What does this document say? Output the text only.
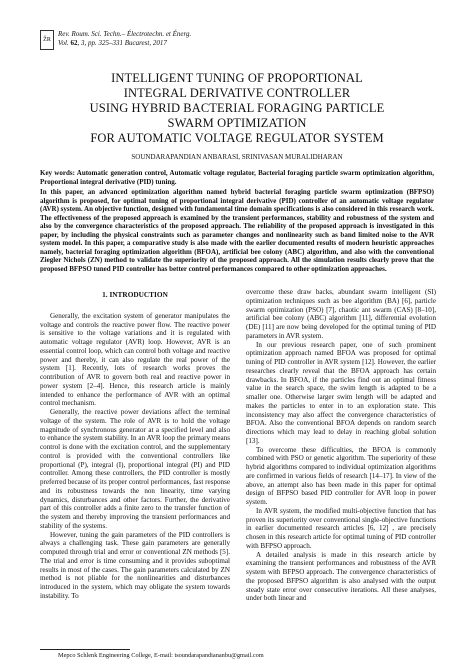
ŽR
Rev. Roum. Sci. Techn.– Électrotechn. et Énerg.
Vol. 62, 3, pp. 325–331 Bucarest, 2017
INTELLIGENT TUNING OF PROPORTIONAL
INTEGRAL DERIVATIVE CONTROLLER
USING HYBRID BACTERIAL FORAGING PARTICLE
SWARM OPTIMIZATION
FOR AUTOMATIC VOLTAGE REGULATOR SYSTEM
SOUNDARAPANDIAN ANBARASI, SRINIVASAN MURALIDHARAN
Key words: Automatic generation control, Automatic voltage regulator, Bacterial foraging particle swarm optimization algorithm, Proportional integral derivative (PID) tuning.
In this paper, an advanced optimization algorithm named hybrid bacterial foraging particle swarm optimization (BFPSO) algorithm is proposed, for optimal tuning of proportional integral derivative (PID) controller of an automatic voltage regulator (AVR) system. An objective function, designed with fundamental time domain specifications is also considered in this research work. The effectiveness of the proposed approach is examined by the transient performances, stability and robustness of the system and also by the convergence characteristics of the proposed approach. The reliability of the proposed approach is investigated in this paper, by including the physical constraints such as parameter changes and nonlinearity such as band limited noise to the AVR system model. In this paper, a comparative study is also made with the earlier documented results of modern heuristic approaches namely, bacterial foraging optimization algorithm (BFOA), artificial bee colony (ABC) algorithm, and also with the conventional Ziegler Nichols (ZN) method to validate the superiority of the proposed approach. All the simulation results clearly prove that the proposed BFPSO tuned PID controller has better control performances compared to other optimization approaches.
1. INTRODUCTION

Generally, the excitation system of generator manipulates the voltage and controls the reactive power flow. The reactive power is sensitive to the voltage variations and it is regulated with automatic voltage regulator (AVR) loop. However, AVR is an essential control loop, which can control both voltage and reactive power and thereby, it can also regulate the real power of the system [1]. Recently, lots of research works proves the contribution of AVR to govern both real and reactive power in power system [2–4]. Hence, this research article is mainly intended to enhance the performance of AVR with an optimal control mechanism.

Generally, the reactive power deviations affect the terminal voltage of the system. The role of AVR is to hold the voltage magnitude of synchronous generator at a specified level and also to enhance the system stability. In an AVR loop the primary means control is done with the excitation control, and the supplementary control is provided with the conventional controllers like proportional (P), integral (I), proportional integral (PI) and PID controller. Among these controllers, the PID controller is mostly preferred because of its proper control performances, fast response and its robustness towards the non linearity, time varying dynamics, disturbances and other factors. Further, the derivative part of this controller adds a finite zero to the transfer function of the system and thereby improving the transient performances and stability of the systems.

However, tuning the gain parameters of the PID controllers is always a challenging task. These gain parameters are generally computed through trial and error or conventional ZN methods [5]. The trial and error is time consuming and it provides suboptimal results in most of the cases. The gain parameters calculated by ZN method is not pliable for the nonlinearities and disturbances introduced in the system, which may obligate the system towards instability. To

overcome these draw backs, abundant swarm intelligent (SI) optimization techniques such as bee algorithm (BA) [6], particle swarm optimization (PSO) [7], chaotic ant swarm (CAS) [8–10], artificial bee colony (ABC) algorithm [11], differential evolution (DE) [11] are now being developed for the optimal tuning of PID parameters in AVR system.

In our previous research paper, one of such prominent optimization approach named BFOA was proposed for optimal tuning of PID controller in AVR system [12]. However, the earlier researches clearly reveal that the BFOA approach has certain drawbacks. In BFOA, if the particles find out an optimal fitness value in the search space, the swim length is adapted to be a smaller one. Otherwise larger swim length will be adapted and makes the particles to enter in to an exploration state. This inconsistency may also affect the convergence characteristics of BFOA. Also the conventional BFOA depends on random search directions which may lead to delay in reaching global solution [13].

To overcome these difficulties, the BFOA is commonly combined with PSO or genetic algorithm. The superiority of these hybrid algorithms compared to individual optimization algorithms are confirmed in various fields of research [14–17]. In view of the above, an attempt also has been made in this paper for optimal design of BFPSO based PID controller for AVR loop in power system.

In AVR system, the modified multi-objective function that has proven its superiority over conventional single-objective functions in earlier documented research articles [6, 12] , are precisely chosen in this research article for optimal tuning of PID controller with BFPSO approach.

A detailed analysis is made in this research article by examining the transient performances and robustness of the AVR system with BFPSO approach. The convergence characteristics of the proposed BFPSO algorithm is also analysed with the output steady state error over consecutive iterations. All these analyses, under both linear and

Mepco Schlenk Engineering College, E-mail: tsoundarapandiananbu@gmail.com
